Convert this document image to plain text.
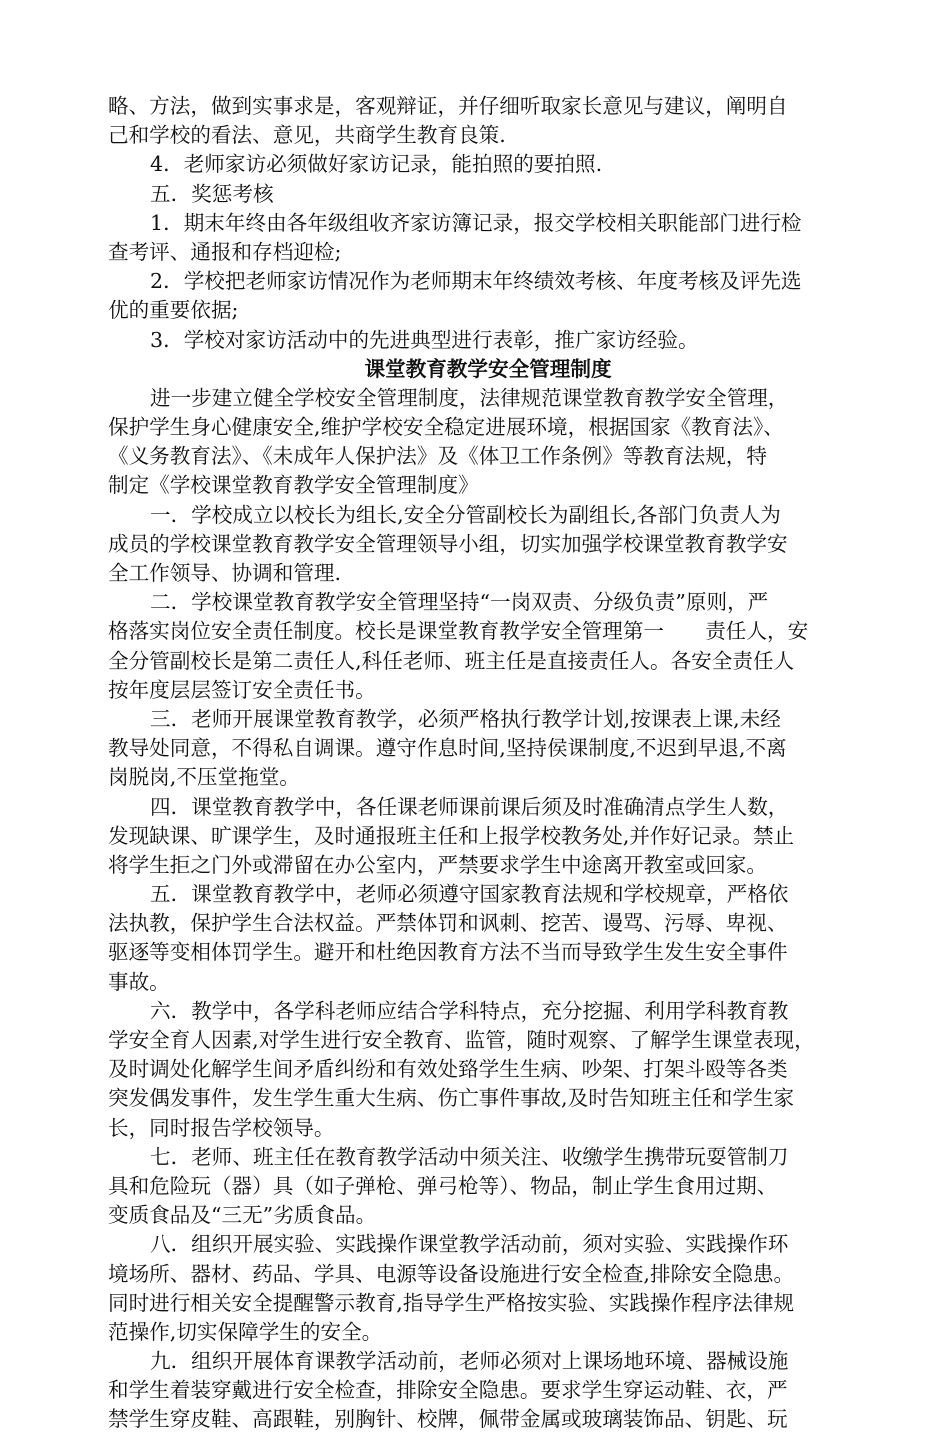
略、方法，做到实事求是，客观辩证，并仔细听取家长意见与建议，阐明自
己和学校的看法、意见，共商学生教育良策.
4．老师家访必须做好家访记录，能拍照的要拍照.
五．奖惩考核
1．期末年终由各年级组收齐家访簿记录，报交学校相关职能部门进行检
查考评、通报和存档迎检;
2．学校把老师家访情况作为老师期末年终绩效考核、年度考核及评先选
优的重要依据;
3．学校对家访活动中的先进典型进行表彰，推广家访经验。
课堂教育教学安全管理制度
进一步建立健全学校安全管理制度，法律规范课堂教育教学安全管理，
保护学生身心健康安全,维护学校安全稳定进展环境，根据国家《教育法》、
《义务教育法》、《未成年人保护法》及《体卫工作条例》等教育法规，特
制定《学校课堂教育教学安全管理制度》
一．学校成立以校长为组长,安全分管副校长为副组长,各部门负责人为
成员的学校课堂教育教学安全管理领导小组，切实加强学校课堂教育教学安
全工作领导、协调和管理.
二．学校课堂教育教学安全管理坚持“一岗双责、分级负责”原则，严
格落实岗位安全责任制度。校长是课堂教育教学安全管理第一　　责任人，安
全分管副校长是第二责任人,科任老师、班主任是直接责任人。各安全责任人
按年度层层签订安全责任书。
三．老师开展课堂教育教学，必须严格执行教学计划,按课表上课,未经
教导处同意，不得私自调课。遵守作息时间,坚持侯课制度,不迟到早退,不离
岗脱岗,不压堂拖堂。
四．课堂教育教学中，各任课老师课前课后须及时准确清点学生人数，
发现缺课、旷课学生，及时通报班主任和上报学校教务处,并作好记录。禁止
将学生拒之门外或滞留在办公室内，严禁要求学生中途离开教室或回家。
五．课堂教育教学中，老师必须遵守国家教育法规和学校规章，严格依
法执教，保护学生合法权益。严禁体罚和讽刺、挖苦、谩骂、污辱、卑视、
驱逐等变相体罚学生。避开和杜绝因教育方法不当而导致学生发生安全事件
事故。
六．教学中，各学科老师应结合学科特点，充分挖掘、利用学科教育教
学安全育人因素,对学生进行安全教育、监管，随时观察、了解学生课堂表现，
及时调处化解学生间矛盾纠纷和有效处臵学生生病、吵架、打架斗殴等各类
突发偶发事件，发生学生重大生病、伤亡事件事故,及时告知班主任和学生家
长，同时报告学校领导。
七．老师、班主任在教育教学活动中须关注、收缴学生携带玩耍管制刀
具和危险玩（器）具（如子弹枪、弹弓枪等）、物品，制止学生食用过期、
变质食品及“三无”劣质食品。
八．组织开展实验、实践操作课堂教学活动前，须对实验、实践操作环
境场所、器材、药品、学具、电源等设备设施进行安全检查,排除安全隐患。
同时进行相关安全提醒警示教育,指导学生严格按实验、实践操作程序法律规
范操作,切实保障学生的安全。
九．组织开展体育课教学活动前，老师必须对上课场地环境、器械设施
和学生着装穿戴进行安全检查，排除安全隐患。要求学生穿运动鞋、衣，严
禁学生穿皮鞋、高跟鞋，别胸针、校牌，佩带金属或玻璃装饰品、钥匙、玩
